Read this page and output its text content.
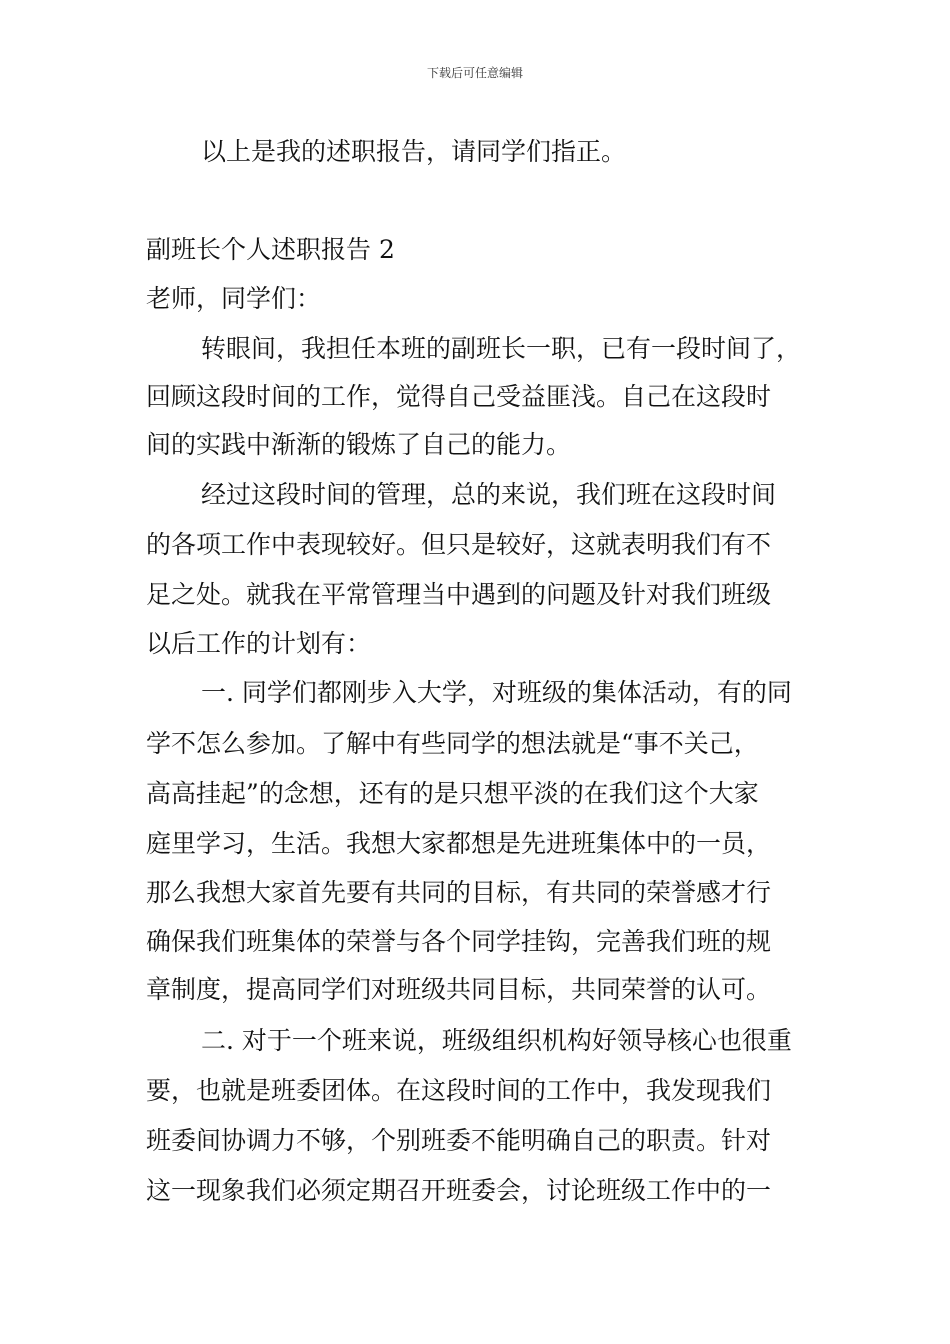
下载后可任意编辑
以上是我的述职报告，请同学们指正。
副班长个人述职报告 2
老师，同学们：
转眼间，我担任本班的副班长一职，已有一段时间了，
回顾这段时间的工作，觉得自己受益匪浅。自己在这段时
间的实践中渐渐的锻炼了自己的能力。
经过这段时间的管理，总的来说，我们班在这段时间
的各项工作中表现较好。但只是较好，这就表明我们有不
足之处。就我在平常管理当中遇到的问题及针对我们班级
以后工作的计划有：
一. 同学们都刚步入大学，对班级的集体活动，有的同
学不怎么参加。了解中有些同学的想法就是“事不关己，
高高挂起”的念想，还有的是只想平淡的在我们这个大家
庭里学习，生活。我想大家都想是先进班集体中的一员，
那么我想大家首先要有共同的目标，有共同的荣誉感才行
确保我们班集体的荣誉与各个同学挂钩，完善我们班的规
章制度，提高同学们对班级共同目标，共同荣誉的认可。
二. 对于一个班来说，班级组织机构好领导核心也很重
要，也就是班委团体。在这段时间的工作中，我发现我们
班委间协调力不够，个别班委不能明确自己的职责。针对
这一现象我们必须定期召开班委会，讨论班级工作中的一
